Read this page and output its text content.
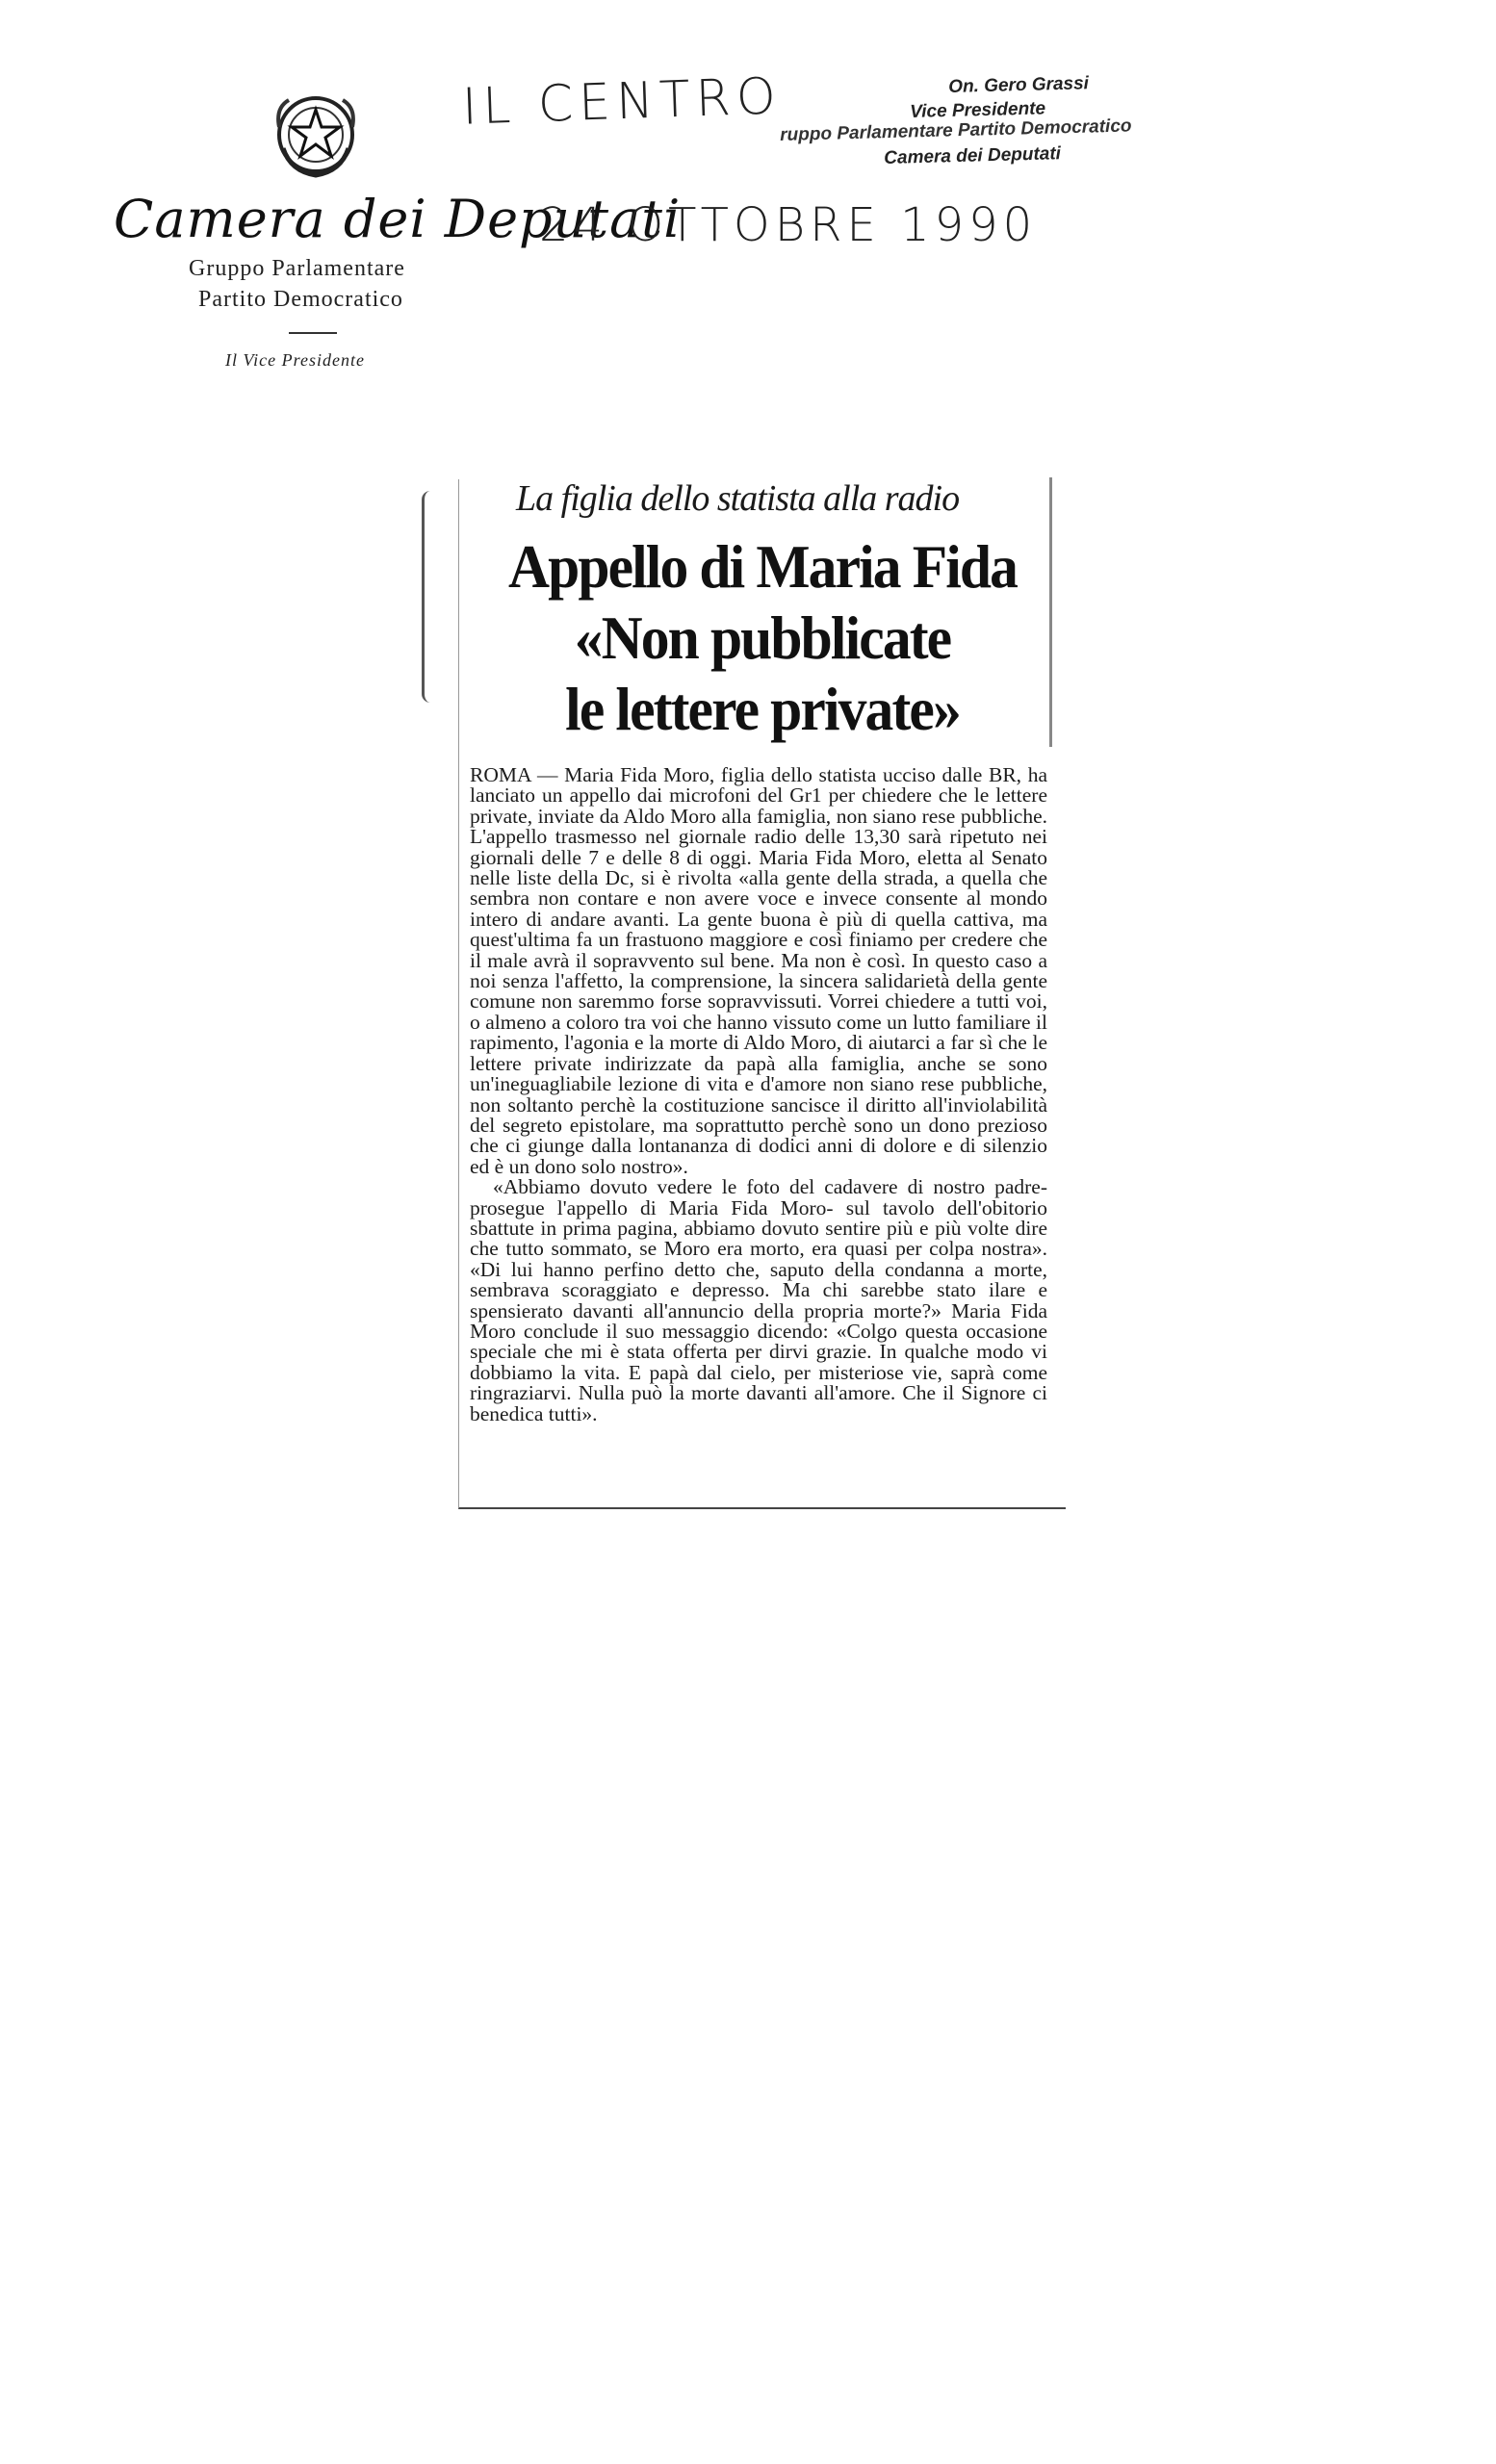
Camera dei Deputati
Gruppo Parlamentare
Partito Democratico
Il Vice Presidente
IL CENTRO
24 OTTOBRE 1990
On. Gero Grassi
Vice Presidente
ruppo Parlamentare Partito Democratico
Camera dei Deputati
La figlia dello statista alla radio
Appello di Maria Fida
«Non pubblicate
le lettere private»

ROMA — Maria Fida Moro, figlia dello statista ucciso dalle BR, ha lanciato un appello dai microfoni del Gr1 per chiedere che le lettere private, inviate da Aldo Moro alla famiglia, non siano rese pubbliche. L'appello trasmesso nel giornale radio delle 13,30 sarà ripetuto nei giornali delle 7 e delle 8 di oggi. Maria Fida Moro, eletta al Senato nelle liste della Dc, si è rivolta «alla gente della strada, a quella che sembra non contare e non avere voce e invece consente al mondo intero di andare avanti. La gente buona è più di quella cattiva, ma quest'ultima fa un frastuono maggiore e così finiamo per credere che il male avrà il sopravvento sul bene. Ma non è così. In questo caso a noi senza l'affetto, la comprensione, la sincera salidarietà della gente comune non saremmo forse sopravvissuti. Vorrei chiedere a tutti voi, o almeno a coloro tra voi che hanno vissuto come un lutto familiare il rapimento, l'agonia e la morte di Aldo Moro, di aiutarci a far sì che le lettere private indirizzate da papà alla famiglia, anche se sono un'ineguagliabile lezione di vita e d'amore non siano rese pubbliche, non soltanto perchè la costituzione sancisce il diritto all'inviolabilità del segreto epistolare, ma soprattutto perchè sono un dono prezioso che ci giunge dalla lontananza di dodici anni di dolore e di silenzio ed è un dono solo nostro».

«Abbiamo dovuto vedere le foto del cadavere di nostro padre- prosegue l'appello di Maria Fida Moro- sul tavolo dell'obitorio sbattute in prima pagina, abbiamo dovuto sentire più e più volte dire che tutto sommato, se Moro era morto, era quasi per colpa nostra». «Di lui hanno perfino detto che, saputo della condanna a morte, sembrava scoraggiato e depresso. Ma chi sarebbe stato ilare e spensierato davanti all'annuncio della propria morte?» Maria Fida Moro conclude il suo messaggio dicendo: «Colgo questa occasione speciale che mi è stata offerta per dirvi grazie. In qualche modo vi dobbiamo la vita. E papà dal cielo, per misteriose vie, saprà come ringraziarvi. Nulla può la morte davanti all'amore. Che il Signore ci benedica tutti».
